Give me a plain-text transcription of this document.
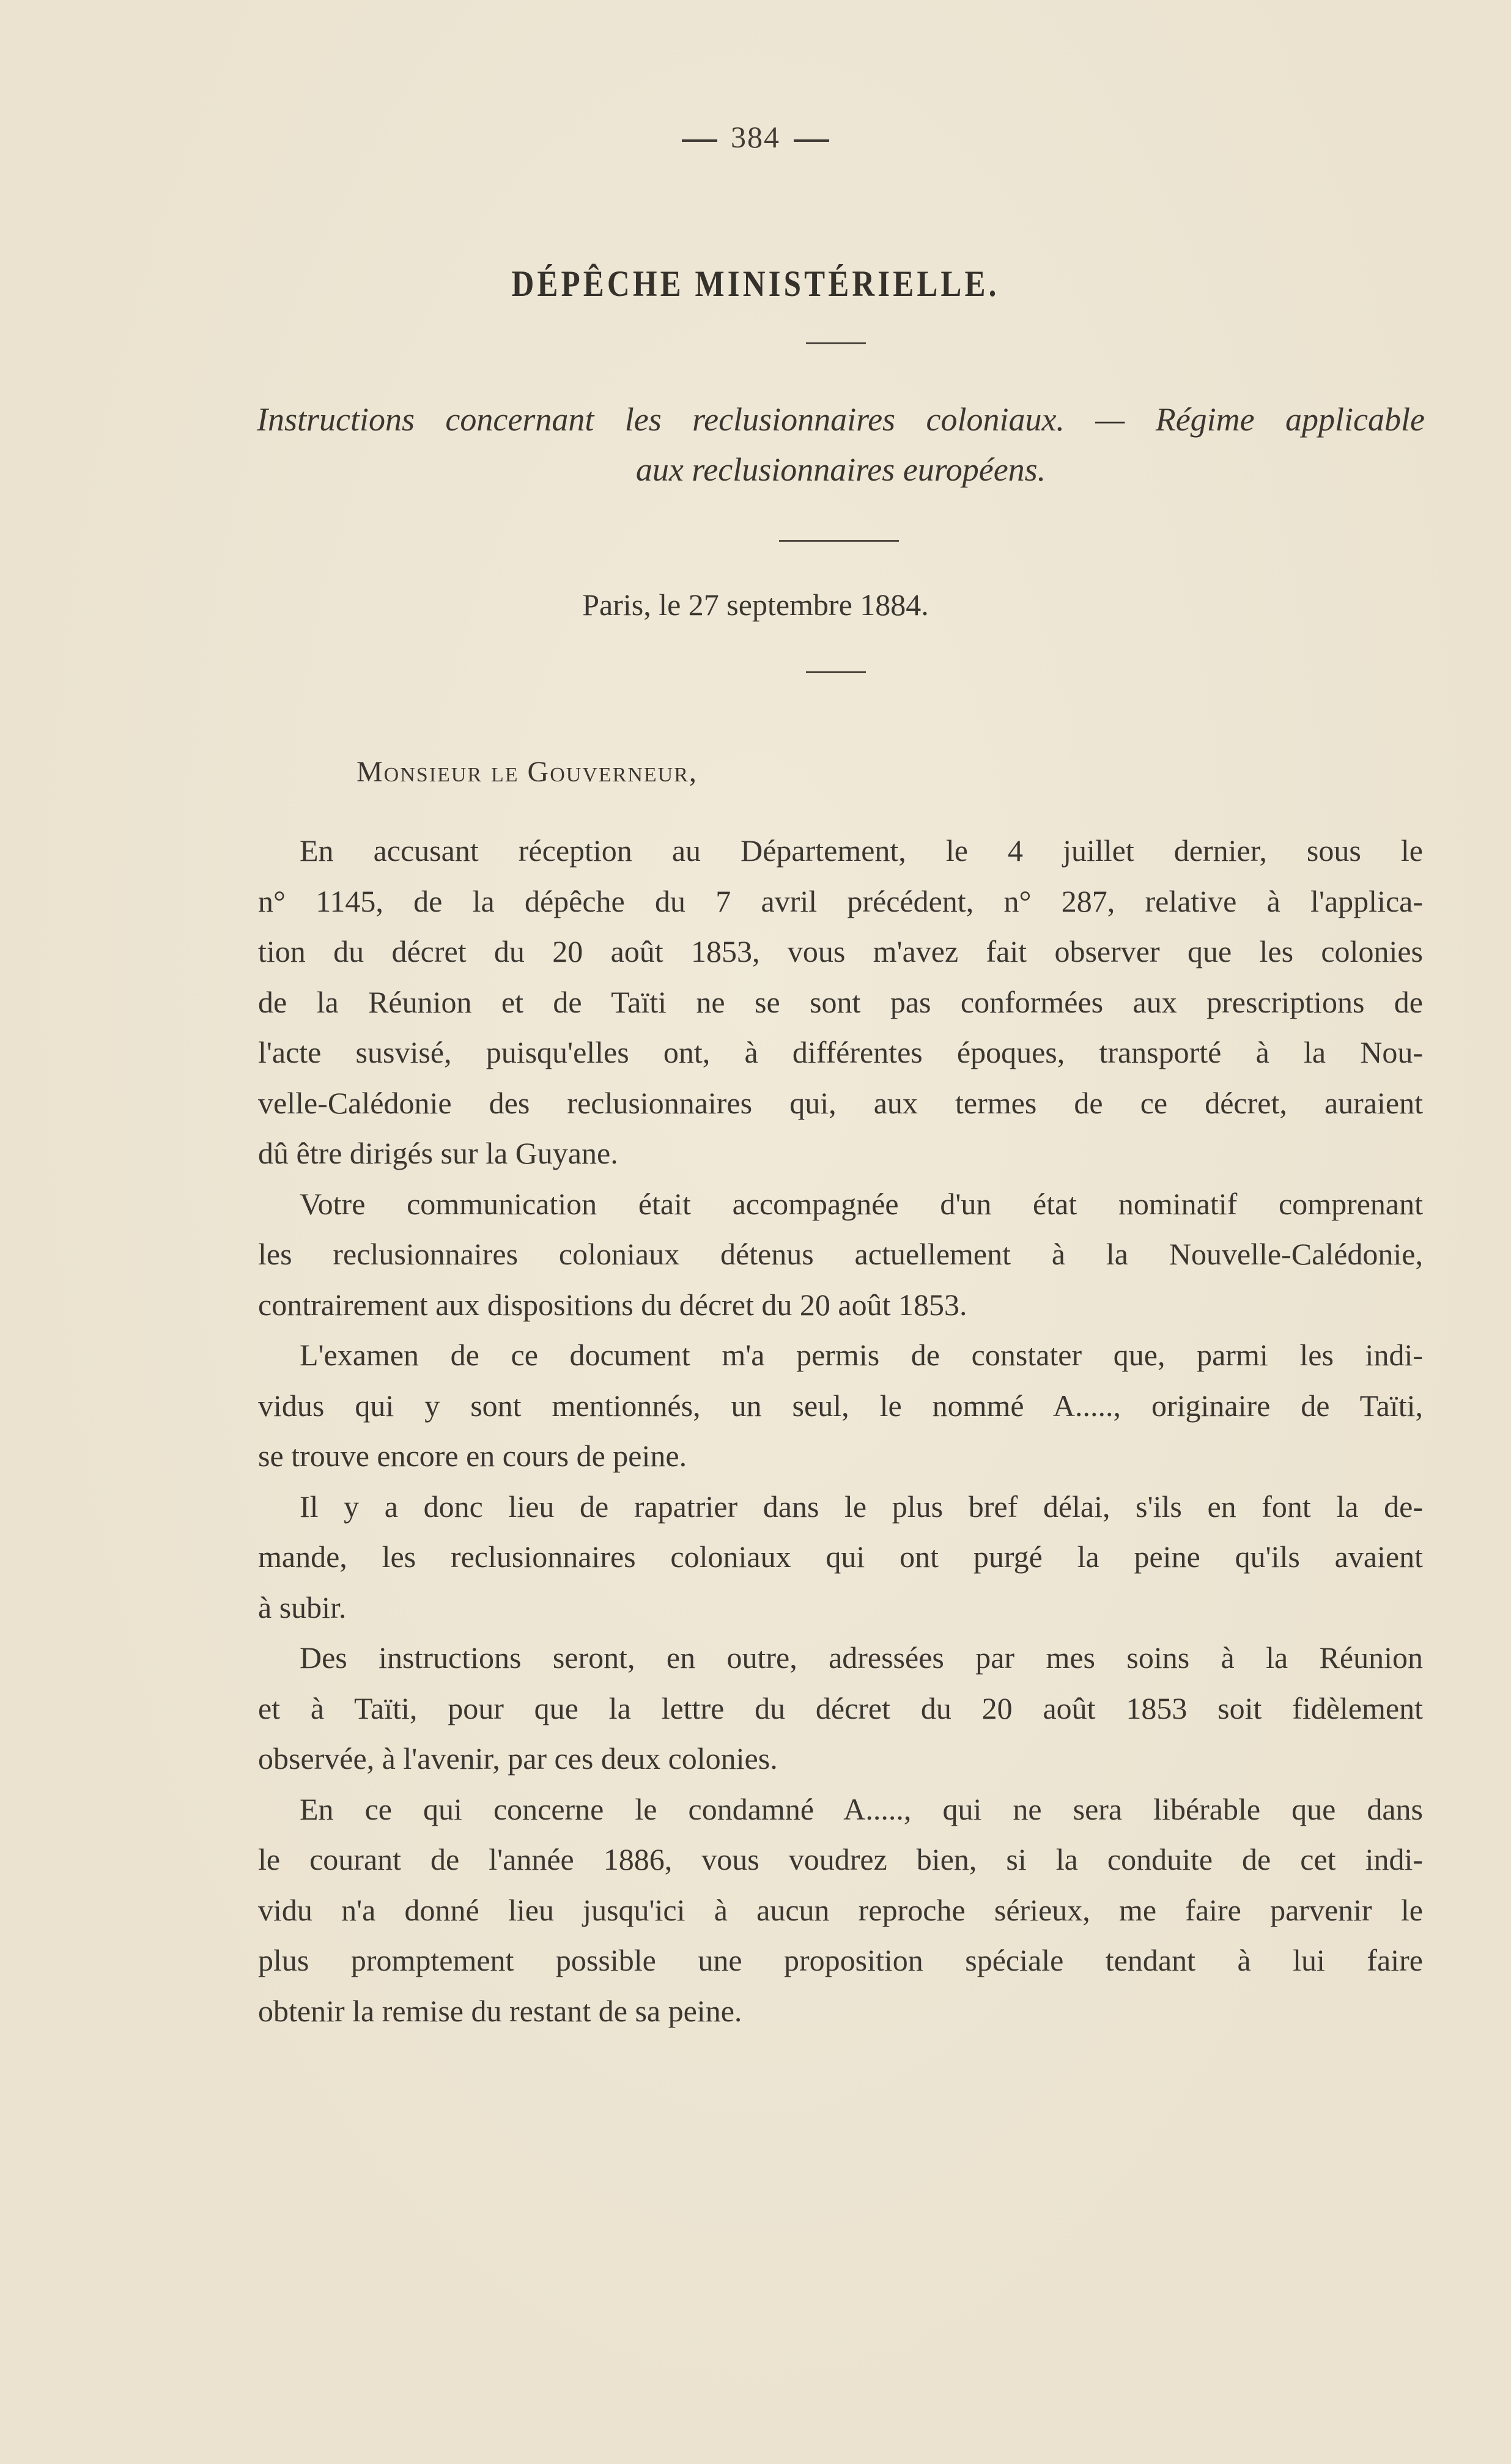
384
DÉPÊCHE MINISTÉRIELLE.
Instructions concernant les reclusionnaires coloniaux. — Régime applicable
aux reclusionnaires européens.
Paris, le 27 septembre 1884.
Monsieur le Gouverneur,
En accusant réception au Département, le 4 juillet dernier, sous le
n° 1145, de la dépêche du 7 avril précédent, n° 287, relative à l'applica-
tion du décret du 20 août 1853, vous m'avez fait observer que les colonies
de la Réunion et de Taïti ne se sont pas conformées aux prescriptions de
l'acte susvisé, puisqu'elles ont, à différentes époques, transporté à la Nou-
velle-Calédonie des reclusionnaires qui, aux termes de ce décret, auraient
dû être dirigés sur la Guyane.
Votre communication était accompagnée d'un état nominatif comprenant
les reclusionnaires coloniaux détenus actuellement à la Nouvelle-Calédonie,
contrairement aux dispositions du décret du 20 août 1853.
L'examen de ce document m'a permis de constater que, parmi les indi-
vidus qui y sont mentionnés, un seul, le nommé A....., originaire de Taïti,
se trouve encore en cours de peine.
Il y a donc lieu de rapatrier dans le plus bref délai, s'ils en font la de-
mande, les reclusionnaires coloniaux qui ont purgé la peine qu'ils avaient
à subir.
Des instructions seront, en outre, adressées par mes soins à la Réunion
et à Taïti, pour que la lettre du décret du 20 août 1853 soit fidèlement
observée, à l'avenir, par ces deux colonies.
En ce qui concerne le condamné A....., qui ne sera libérable que dans
le courant de l'année 1886, vous voudrez bien, si la conduite de cet indi-
vidu n'a donné lieu jusqu'ici à aucun reproche sérieux, me faire parvenir le
plus promptement possible une proposition spéciale tendant à lui faire
obtenir la remise du restant de sa peine.
